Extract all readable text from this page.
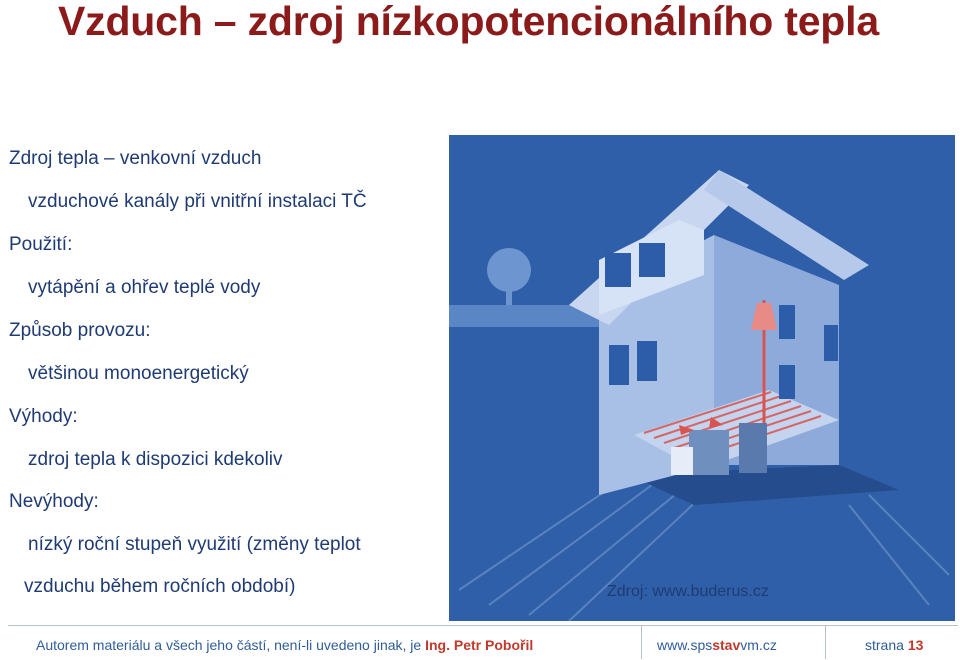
Vzduch – zdroj nízkopotencionálního tepla
Zdroj tepla – venkovní vzduch
vzduchové kanály při vnitřní instalaci TČ
Použití:
vytápění a ohřev teplé vody
Způsob provozu:
většinou monoenergetický
Výhody:
zdroj tepla k dispozici kdekoliv
Nevýhody:
nízký roční stupeň využití (změny teplot
vzduchu během ročních období)	Zdroj: www.buderus.cz
Autorem materiálu a všech jeho částí, není-li uvedeno jinak, je Ing. Petr Pobořil	www.spsstavvm.cz	strana 13
